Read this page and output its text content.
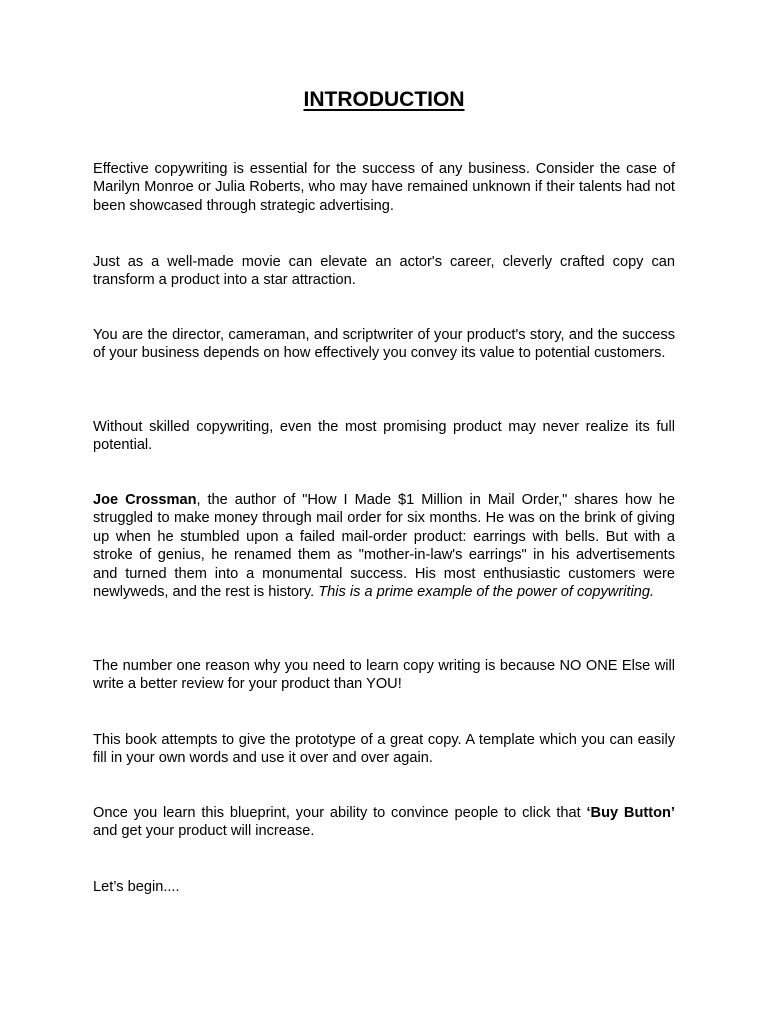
INTRODUCTION

Effective copywriting is essential for the success of any business. Consider the case of Marilyn Monroe or Julia Roberts, who may have remained unknown if their talents had not been showcased through strategic advertising.

Just as a well-made movie can elevate an actor's career, cleverly crafted copy can transform a product into a star attraction.

You are the director, cameraman, and scriptwriter of your product's story, and the success of your business depends on how effectively you convey its value to potential customers.

Without skilled copywriting, even the most promising product may never realize its full potential.

Joe Crossman, the author of "How I Made $1 Million in Mail Order," shares how he struggled to make money through mail order for six months. He was on the brink of giving up when he stumbled upon a failed mail-order product: earrings with bells. But with a stroke of genius, he renamed them as "mother-in-law's earrings" in his advertisements and turned them into a monumental success. His most enthusiastic customers were newlyweds, and the rest is history. This is a prime example of the power of copywriting.

The number one reason why you need to learn copy writing is because NO ONE Else will write a better review for your product than YOU!

This book attempts to give the prototype of a great copy. A template which you can easily fill in your own words and use it over and over again.

Once you learn this blueprint, your ability to convince people to click that ‘Buy Button’ and get your product will increase.

Let’s begin....
